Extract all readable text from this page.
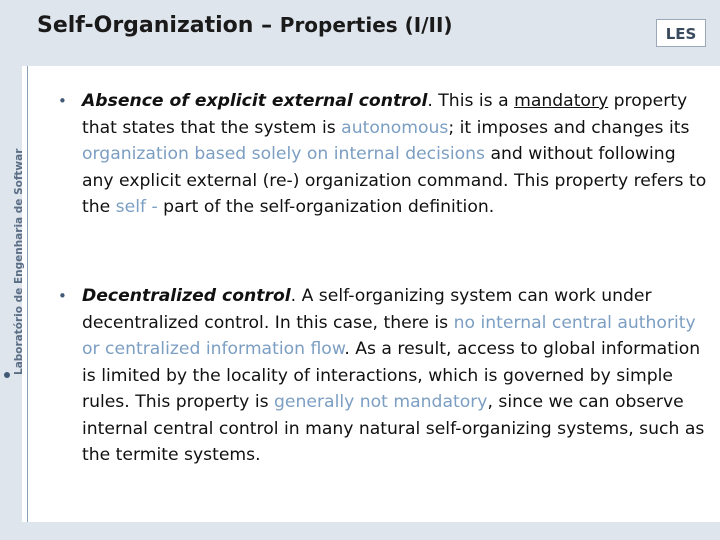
Self-Organization – Properties (I/II)	LES
Laboratório de Engenharia de Softwar
• Absence of explicit external control. This is a mandatory property that states that the system is autonomous; it imposes and changes its organization based solely on internal decisions and without following any explicit external (re-) organization command. This property refers to the self - part of the self-organization definition.
• Decentralized control. A self-organizing system can work under decentralized control. In this case, there is no internal central authority or centralized information flow. As a result, access to global information is limited by the locality of interactions, which is governed by simple rules. This property is generally not mandatory, since we can observe internal central control in many natural self-organizing systems, such as the termite systems.
